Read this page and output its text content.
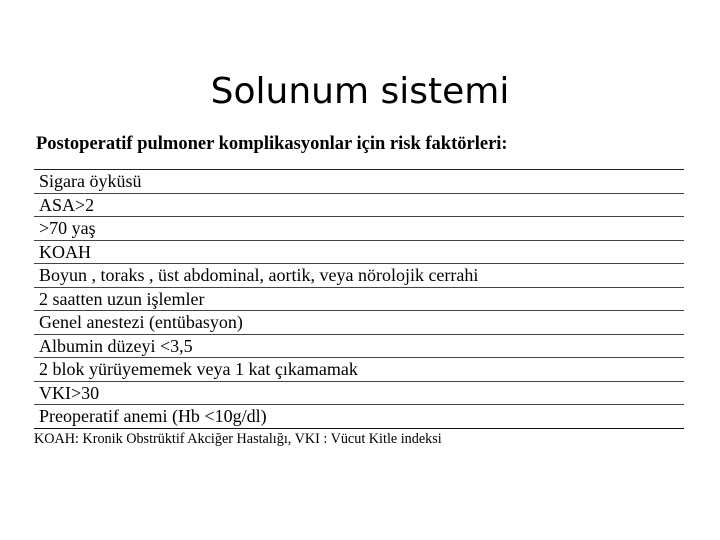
Solunum sistemi
Postoperatif pulmoner komplikasyonlar için risk faktörleri:
Sigara öyküsü
ASA>2
>70 yaş
KOAH
Boyun , toraks , üst abdominal, aortik, veya nörolojik cerrahi
2 saatten uzun işlemler
Genel anestezi (entübasyon)
Albumin düzeyi <3,5
2 blok yürüyememek veya 1 kat çıkamamak
VKI>30
Preoperatif anemi (Hb <10g/dl)
KOAH: Kronik Obstrüktif Akciğer Hastalığı, VKI : Vücut Kitle indeksi
